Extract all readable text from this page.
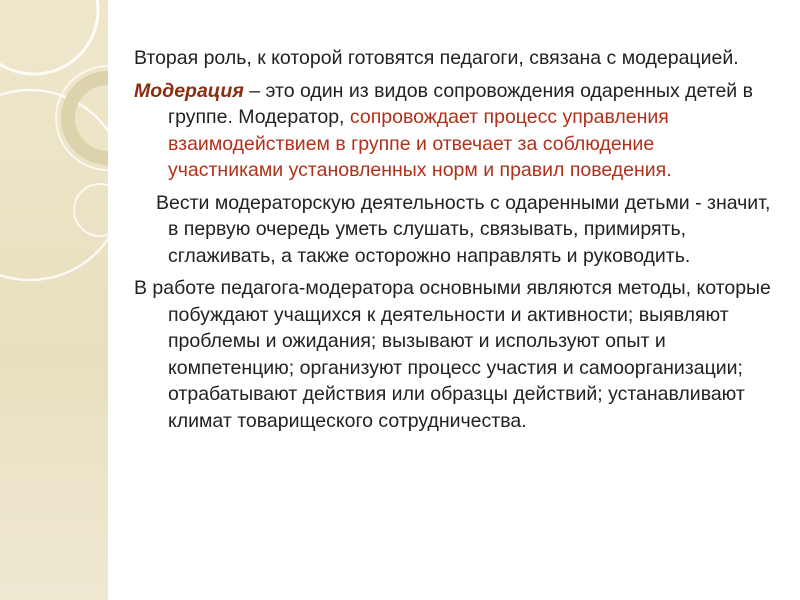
Вторая роль, к которой готовятся педагоги, связана с модерацией.

Модерация – это один из видов сопровождения одаренных детей в группе. Модератор, сопровождает процесс управления взаимодействием в группе и отвечает за соблюдение участниками установленных норм и правил поведения.

Вести модераторскую деятельность с одаренными детьми - значит, в первую очередь уметь слушать, связывать, примирять, сглаживать, а также осторожно направлять и руководить.

В работе педагога-модератора основными являются методы, которые побуждают учащихся к деятельности и активности; выявляют проблемы и ожидания; вызывают и используют опыт и компетенцию; организуют процесс участия и самоорганизации; отрабатывают действия или образцы действий; устанавливают климат товарищеского сотрудничества.
